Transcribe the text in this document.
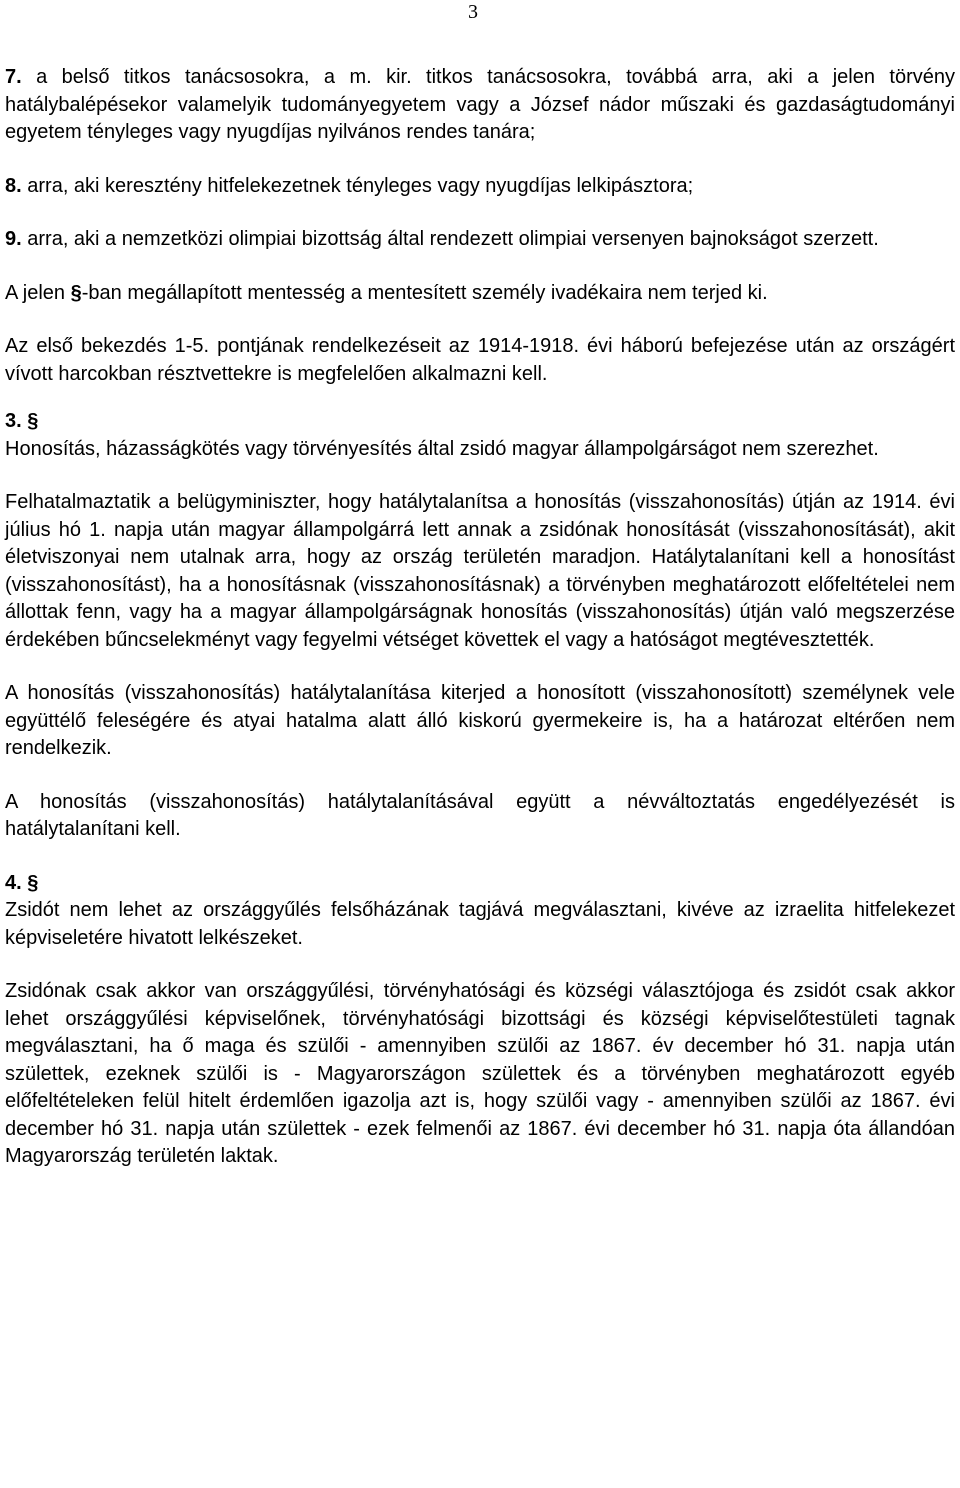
3

7. a belső titkos tanácsosokra, a m. kir. titkos tanácsosokra, továbbá arra, aki a jelen törvény hatálybalépésekor valamelyik tudományegyetem vagy a József nádor műszaki és gazdaságtudományi egyetem tényleges vagy nyugdíjas nyilvános rendes tanára;

8. arra, aki keresztény hitfelekezetnek tényleges vagy nyugdíjas lelkipásztora;

9. arra, aki a nemzetközi olimpiai bizottság által rendezett olimpiai versenyen bajnokságot szerzett.

A jelen §-ban megállapított mentesség a mentesített személy ivadékaira nem terjed ki.

Az első bekezdés 1-5. pontjának rendelkezéseit az 1914-1918. évi háború befejezése után az országért vívott harcokban résztvettekre is megfelelően alkalmazni kell.

3. §

Honosítás, házasságkötés vagy törvényesítés által zsidó magyar állampolgárságot nem szerezhet.

Felhatalmaztatik a belügyminiszter, hogy hatálytalanítsa a honosítás (visszahonosítás) útján az 1914. évi július hó 1. napja után magyar állampolgárrá lett annak a zsidónak honosítását (visszahonosítását), akit életviszonyai nem utalnak arra, hogy az ország területén maradjon. Hatálytalanítani kell a honosítást (visszahonosítást), ha a honosításnak (visszahonosításnak) a törvényben meghatározott előfeltételei nem állottak fenn, vagy ha a magyar állampolgárságnak honosítás (visszahonosítás) útján való megszerzése érdekében bűncselekményt vagy fegyelmi vétséget követtek el vagy a hatóságot megtévesztették.

A honosítás (visszahonosítás) hatálytalanítása kiterjed a honosított (visszahonosított) személynek vele együttélő feleségére és atyai hatalma alatt álló kiskorú gyermekeire is, ha a határozat eltérően nem rendelkezik.

A honosítás (visszahonosítás) hatálytalanításával együtt a névváltoztatás engedélyezését is hatálytalanítani kell.

4. §

Zsidót nem lehet az országgyűlés felsőházának tagjává megválasztani, kivéve az izraelita hitfelekezet képviseletére hivatott lelkészeket.

Zsidónak csak akkor van országgyűlési, törvényhatósági és községi választójoga és zsidót csak akkor lehet országgyűlési képviselőnek, törvényhatósági bizottsági és községi képviselőtestületi tagnak megválasztani, ha ő maga és szülői - amennyiben szülői az 1867. év december hó 31. napja után születtek, ezeknek szülői is - Magyarországon születtek és a törvényben meghatározott egyéb előfeltételeken felül hitelt érdemlően igazolja azt is, hogy szülői vagy - amennyiben szülői az 1867. évi december hó 31. napja után születtek - ezek felmenői az 1867. évi december hó 31. napja óta állandóan Magyarország területén laktak.
